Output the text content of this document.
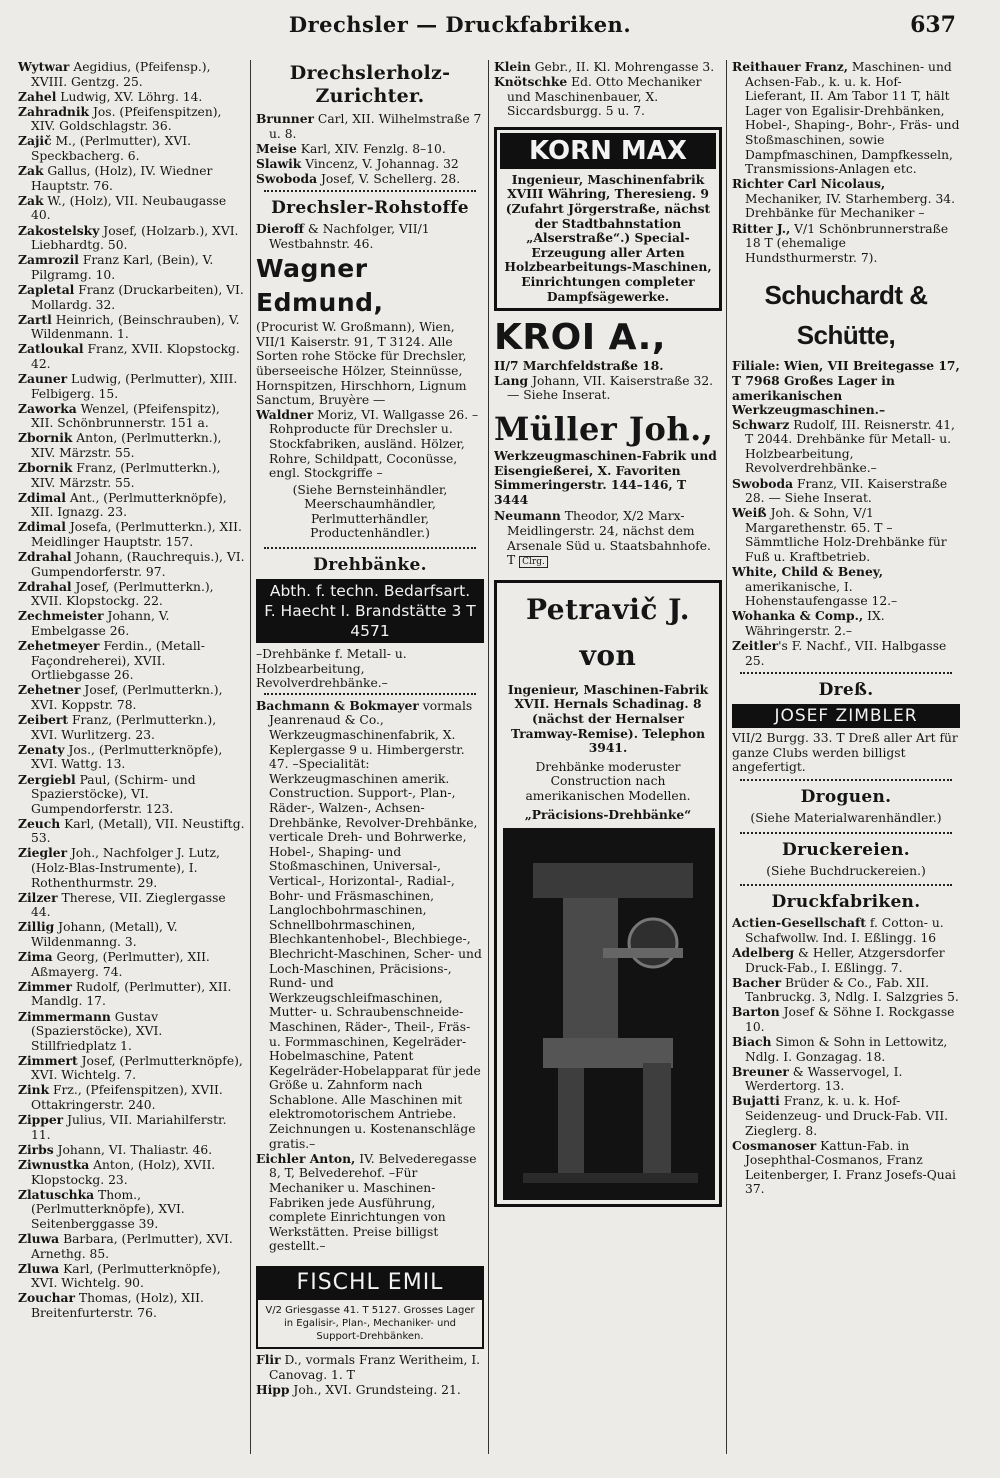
Drechsler — Druckfabriken.	637
Wytwar Aegidius, (Pfeifensp.), XVIII. Gentzg. 25.
Zahel Ludwig, XV. Löhrg. 14.
Zahradnik Jos. (Pfeifenspitzen), XIV. Goldschlagstr. 36.
Zajič M., (Perlmutter), XVI. Speckbacherg. 6.
Zak Gallus, (Holz), IV. Wiedner Hauptstr. 76.
Zak W., (Holz), VII. Neubaugasse 40.
Zakostelsky Josef, (Holzarb.), XVI. Liebhardtg. 50.
Zamrozil Franz Karl, (Bein), V. Pilgramg. 10.
Zapletal Franz (Druckarbeiten), VI. Mollardg. 32.
Zartl Heinrich, (Beinschrauben), V. Wildenmann. 1.
Zatloukal Franz, XVII. Klopstockg. 42.
Zauner Ludwig, (Perlmutter), XIII. Felbigerg. 15.
Zaworka Wenzel, (Pfeifenspitz), XII. Schönbrunnerstr. 151 a.
Zbornik Anton, (Perlmutterkn.), XIV. Märzstr. 55.
Zbornik Franz, (Perlmutterkn.), XIV. Märzstr. 55.
Zdimal Ant., (Perlmutterknöpfe), XII. Ignazg. 23.
Zdimal Josefa, (Perlmutterkn.), XII. Meidlinger Hauptstr. 157.
Zdrahal Johann, (Rauchrequis.), VI. Gumpendorferstr. 97.
Zdrahal Josef, (Perlmutterkn.), XVII. Klopstockg. 22.
Zechmeister Johann, V. Embelgasse 26.
Zehetmeyer Ferdin., (Metall-Façondreherei), XVII. Ortliebgasse 26.
Zehetner Josef, (Perlmutterkn.), XVI. Koppstr. 78.
Zeibert Franz, (Perlmutterkn.), XVI. Wurlitzerg. 23.
Zenaty Jos., (Perlmutterknöpfe), XVI. Wattg. 13.
Zergiebl Paul, (Schirm- und Spazierstöcke), VI. Gumpendorferstr. 123.
Zeuch Karl, (Metall), VII. Neustiftg. 53.
Ziegler Joh., Nachfolger J. Lutz, (Holz-Blas-Instrumente), I. Rothenthurmstr. 29.
Zilzer Therese, VII. Zieglergasse 44.
Zillig Johann, (Metall), V. Wildenmanng. 3.
Zima Georg, (Perlmutter), XII. Aßmayerg. 74.
Zimmer Rudolf, (Perlmutter), XII. Mandlg. 17.
Zimmermann Gustav (Spazierstöcke), XVI. Stillfriedplatz 1.
Zimmert Josef, (Perlmutterknöpfe), XVI. Wichtelg. 7.
Zink Frz., (Pfeifenspitzen), XVII. Ottakringerstr. 240.
Zipper Julius, VII. Mariahilferstr. 11.
Zirbs Johann, VI. Thaliastr. 46.
Ziwnustka Anton, (Holz), XVII. Klopstockg. 23.
Zlatuschka Thom., (Perlmutterknöpfe), XVI. Seitenberggasse 39.
Zluwa Barbara, (Perlmutter), XVI. Arnethg. 85.
Zluwa Karl, (Perlmutterknöpfe), XVI. Wichtelg. 90.
Zouchar Thomas, (Holz), XII. Breitenfurterstr. 76.
Drechslerholz-Zurichter.
Brunner Carl, XII. Wilhelmstraße 7 u. 8.
Meise Karl, XIV. Fenzlg. 8–10.
Slawik Vincenz, V. Johannag. 32
Swoboda Josef, V. Schellerg. 28.
Drechsler-Rohstoffe
Dieroff & Nachfolger, VII/1 Westbahnstr. 46.
Wagner Edmund,
(Procurist W. Großmann), Wien, VII/1 Kaiserstr. 91, T 3124. Alle Sorten rohe Stöcke für Drechsler, überseeische Hölzer, Steinnüsse, Hornspitzen, Hirschhorn, Lignum Sanctum, Bruyère —
Waldner Moriz, VI. Wallgasse 26. –Rohproducte für Drechsler u. Stockfabriken, ausländ. Hölzer, Rohre, Schildpatt, Coconüsse, engl. Stockgriffe –
(Siehe Bernsteinhändler, Meerschaumhändler, Perlmutterhändler, Productenhändler.)
Drehbänke.
Abth. f. techn. Bedarfsart.
F. Haecht I. Brandstätte 3 T 4571
–Drehbänke f. Metall- u. Holzbearbeitung, Revolverdrehbänke.–
Bachmann & Bokmayer vormals Jeanrenaud & Co., Werkzeugmaschinenfabrik, X. Keplergasse 9 u. Himbergerstr. 47. –Specialität: Werkzeugmaschinen amerik. Construction. Support-, Plan-, Räder-, Walzen-, Achsen-Drehbänke, Revolver-Drehbänke, verticale Dreh- und Bohrwerke, Hobel-, Shaping- und Stoßmaschinen, Universal-, Vertical-, Horizontal-, Radial-, Bohr- und Fräsmaschinen, Langlochbohrmaschinen, Schnellbohrmaschinen, Blechkantenhobel-, Blechbiege-, Blechricht-Maschinen, Scher- und Loch-Maschinen, Präcisions-, Rund- und Werkzeugschleifmaschinen, Mutter- u. Schraubenschneide-Maschinen, Räder-, Theil-, Fräs- u. Formmaschinen, Kegelräder-Hobelmaschine, Patent Kegelräder-Hobelapparat für jede Größe u. Zahnform nach Schablone. Alle Maschinen mit elektromotorischem Antriebe. Zeichnungen u. Kostenanschläge gratis.–
Eichler Anton, IV. Belvederegasse 8, T, Belvederehof. –Für Mechaniker u. Maschinen-Fabriken jede Ausführung, complete Einrichtungen von Werkstätten. Preise billigst gestellt.–
FISCHL EMIL
V/2 Griesgasse 41. T 5127. Grosses Lager in Egalisir-, Plan-, Mechaniker- und Support-Drehbänken.
Flir D., vormals Franz Weritheim, I. Canovag. 1. T
Hipp Joh., XVI. Grundsteing. 21.
Klein Gebr., II. Kl. Mohrengasse 3.
Knötschke Ed. Otto Mechaniker und Maschinenbauer, X. Siccardsburgg. 5 u. 7.
KORN MAX
Ingenieur, Maschinenfabrik XVIII Währing, Theresieng. 9 (Zufahrt Jörgerstraße, nächst der Stadtbahnstation „Alserstraße“.) Special-Erzeugung aller Arten Holzbearbeitungs-Maschinen, Einrichtungen completer Dampfsägewerke.
KROI A.,
II/7 Marchfeldstraße 18.
Lang Johann, VII. Kaiserstraße 32. — Siehe Inserat.
Müller Joh.,
Werkzeugmaschinen-Fabrik und Eisengießerei, X. Favoriten Simmeringerstr. 144–146, T 3444
Neumann Theodor, X/2 Marx-Meidlingerstr. 24, nächst dem Arsenale Süd u. Staatsbahnhofe. T Clrg.
Petravič J. von
Ingenieur, Maschinen-Fabrik XVII. Hernals Schadinag. 8 (nächst der Hernalser Tramway-Remise). Telephon 3941.
Drehbänke moderuster Construction nach amerikanischen Modellen.
„Präcisions-Drehbänke“
Reithauer Franz, Maschinen- und Achsen-Fab., k. u. k. Hof-Lieferant, II. Am Tabor 11 T, hält Lager von Egalisir-Drehbänken, Hobel-, Shaping-, Bohr-, Fräs- und Stoßmaschinen, sowie Dampfmaschinen, Dampfkesseln, Transmissions-Anlagen etc.
Richter Carl Nicolaus, Mechaniker, IV. Starhemberg. 34. Drehbänke für Mechaniker –
Ritter J., V/1 Schönbrunnerstraße 18 T (ehemalige Hundsthurmerstr. 7).
Schuchardt & Schütte,
Filiale: Wien, VII Breitegasse 17, T 7968 Großes Lager in amerikanischen Werkzeugmaschinen.–
Schwarz Rudolf, III. Reisnerstr. 41, T 2044. Drehbänke für Metall- u. Holzbearbeitung, Revolverdrehbänke.–
Swoboda Franz, VII. Kaiserstraße 28. — Siehe Inserat.
Weiß Joh. & Sohn, V/1 Margarethenstr. 65. T –Sämmtliche Holz-Drehbänke für Fuß u. Kraftbetrieb.
White, Child & Beney, amerikanische, I. Hohenstaufengasse 12.–
Wohanka & Comp., IX. Währingerstr. 2.–
Zeitler's F. Nachf., VII. Halbgasse 25.
Dreß.
JOSEF ZIMBLER
VII/2 Burgg. 33. T Dreß aller Art für ganze Clubs werden billigst angefertigt.
Droguen.
(Siehe Materialwarenhändler.)
Druckereien.
(Siehe Buchdruckereien.)
Druckfabriken.
Actien-Gesellschaft f. Cotton- u. Schafwollw. Ind. I. Eßlingg. 16
Adelberg & Heller, Atzgersdorfer Druck-Fab., I. Eßlingg. 7.
Bacher Brüder & Co., Fab. XII. Tanbruckg. 3, Ndlg. I. Salzgries 5.
Barton Josef & Söhne I. Rockgasse 10.
Biach Simon & Sohn in Lettowitz, Ndlg. I. Gonzagag. 18.
Breuner & Wasservogel, I. Werdertorg. 13.
Bujatti Franz, k. u. k. Hof-Seidenzeug- und Druck-Fab. VII. Zieglerg. 8.
Cosmanoser Kattun-Fab. in Josephthal-Cosmanos, Franz Leitenberger, I. Franz Josefs-Quai 37.
